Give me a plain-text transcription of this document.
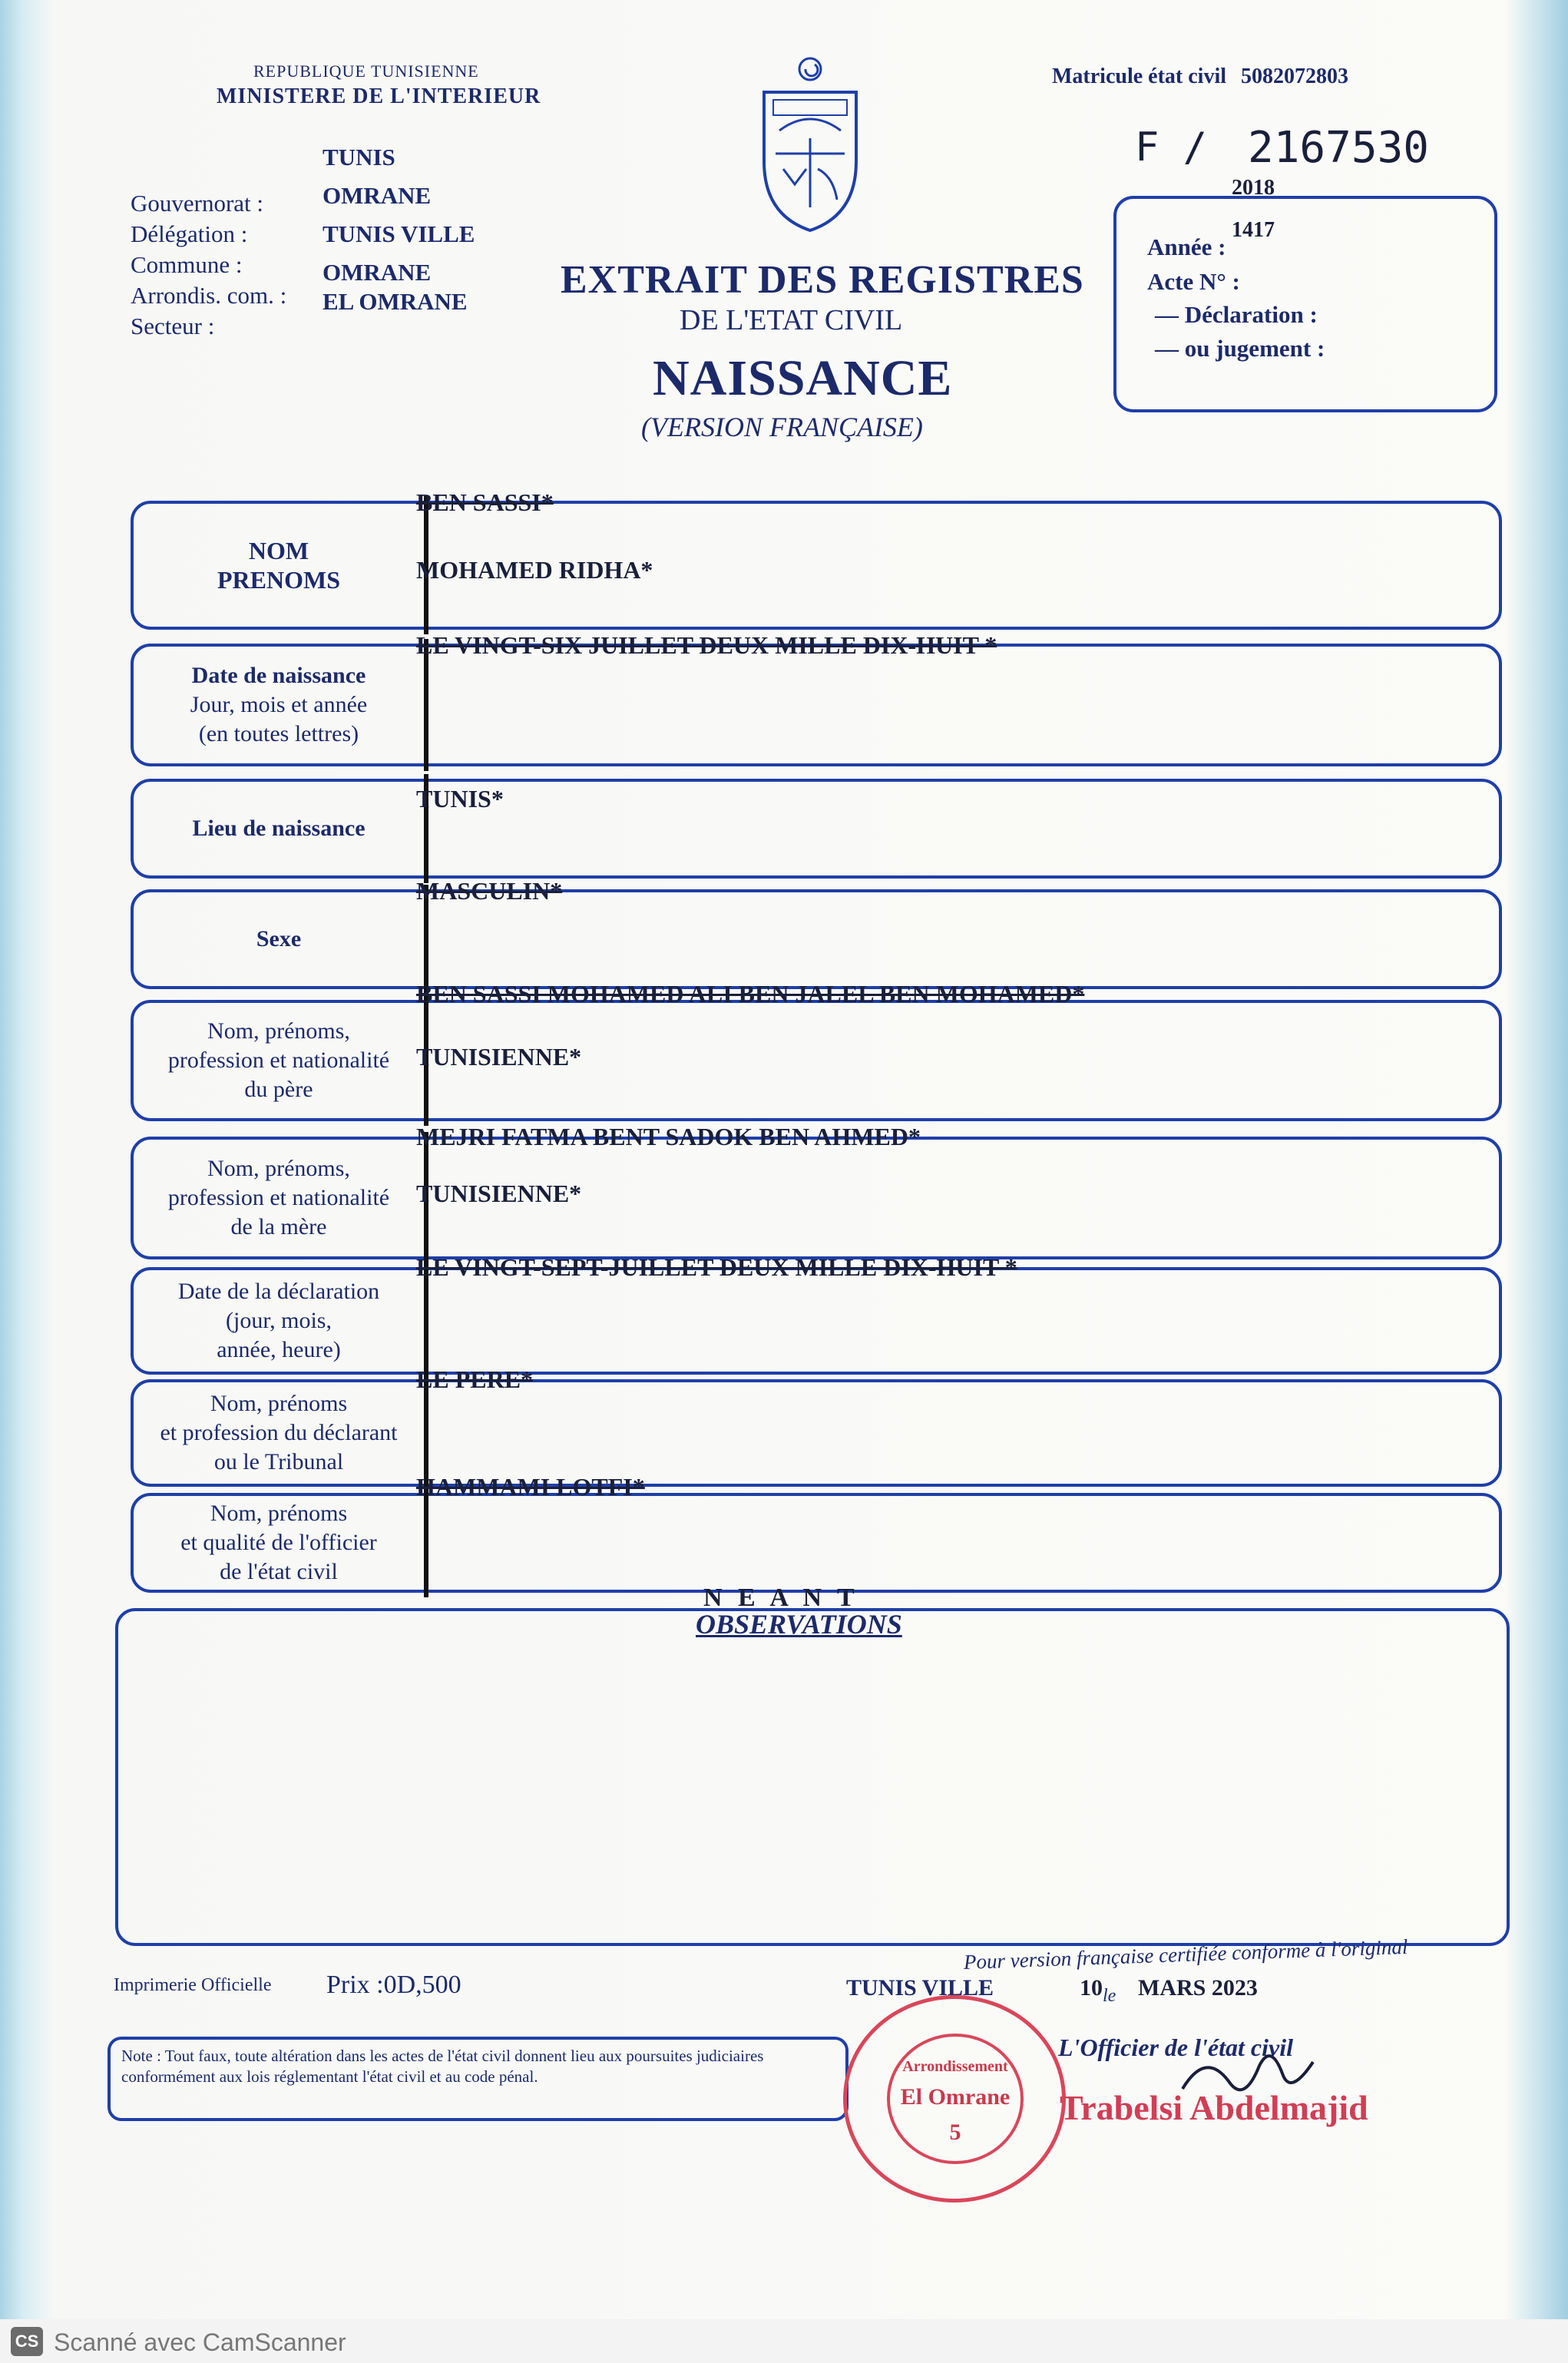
REPUBLIQUE TUNISIENNE
MINISTERE DE L'INTERIEUR
Gouvernorat :
Délégation :
Commune :
Arrondis. com. :
Secteur :
TUNIS
OMRANE
TUNIS VILLE
OMRANE
EL OMRANE EXTRAIT DES REGISTRES
DE L'ETAT CIVIL
NAISSANCE
(VERSION FRANÇAISE)
Matricule état civil 5082072803
F / 2167530
2018
1417
Année :
Acte N° :
— Déclaration :
— ou jugement :
NOM
PRENOMS
BEN SASSI*
MOHAMED RIDHA*
Date de naissance
Jour, mois et année
(en toutes lettres)
LE VINGT-SIX JUILLET DEUX MILLE DIX-HUIT *
Lieu de naissance
TUNIS*
Sexe
MASCULIN*
Nom, prénoms,
profession et nationalité
du père
BEN SASSI MOHAMED ALI BEN JALEL BEN MOHAMED*
TUNISIENNE*
Nom, prénoms,
profession et nationalité
de la mère
MEJRI FATMA BENT SADOK BEN AHMED*
TUNISIENNE*
Date de la déclaration
(jour, mois,
année, heure)
LE VINGT-SEPT-JUILLET DEUX MILLE DIX-HUIT *
Nom, prénoms
et profession du déclarant
ou le Tribunal
LE PERE*
Nom, prénoms
et qualité de l'officier
de l'état civil
HAMMAMI LOTFI*
N E A N T
OBSERVATIONS
Imprimerie Officielle Prix :0D,500
Pour version française certifiée conforme à l'original
TUNIS VILLE	10 le MARS 2023
Note : Tout faux, toute altération dans les actes de l'état civil donnent lieu aux poursuites judiciaires conformément aux lois réglementant l'état civil et au code pénal.
L'Officier de l'état civil
Trabelsi Abdelmajid
Arrondissement
El Omrane
5
CS Scanné avec CamScanner
